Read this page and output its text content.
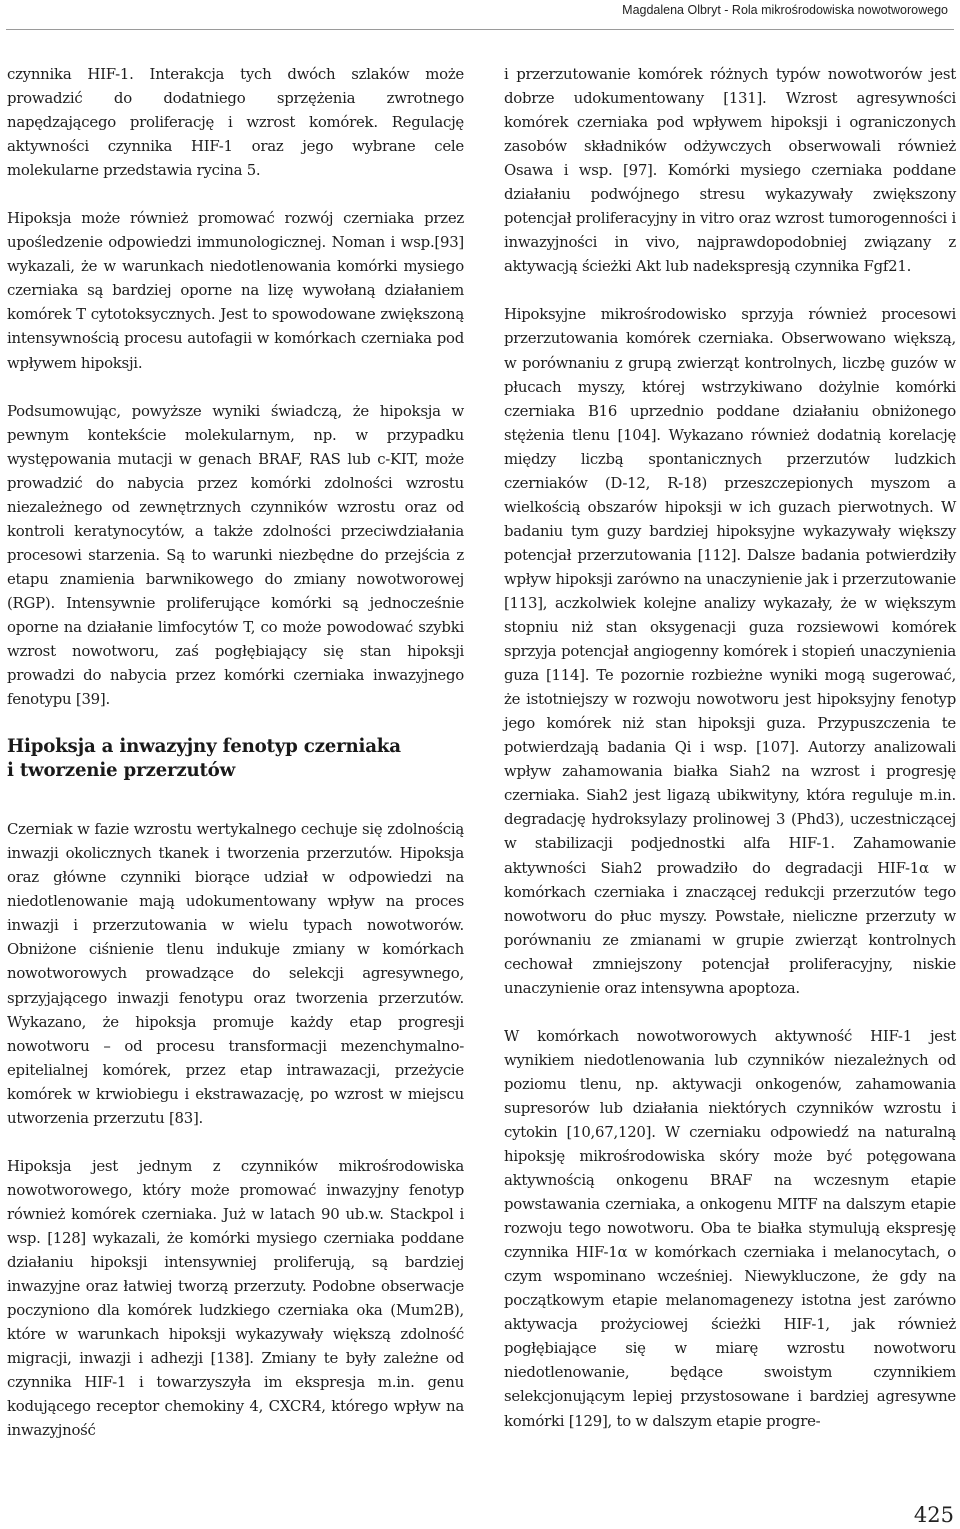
Magdalena Olbryt - Rola mikrośrodowiska nowotworowego

czynnika HIF-1. Interakcja tych dwóch szlaków może prowadzić do dodatniego sprzężenia zwrotnego napędzającego proliferację i wzrost komórek. Regulację aktywności czynnika HIF-1 oraz jego wybrane cele molekularne przedstawia rycina 5.

Hipoksja może również promować rozwój czerniaka przez upośledzenie odpowiedzi immunologicznej. Noman i wsp.[93] wykazali, że w warunkach niedotlenowania komórki mysiego czerniaka są bardziej oporne na lizę wywołaną działaniem komórek T cytotoksycznych. Jest to spowodowane zwiększoną intensywnością procesu autofagii w komórkach czerniaka pod wpływem hipoksji.

Podsumowując, powyższe wyniki świadczą, że hipoksja w pewnym kontekście molekularnym, np. w przypadku występowania mutacji w genach BRAF, RAS lub c-KIT, może prowadzić do nabycia przez komórki zdolności wzrostu niezależnego od zewnętrznych czynników wzrostu oraz od kontroli keratynocytów, a także zdolności przeciwdziałania procesowi starzenia. Są to warunki niezbędne do przejścia z etapu znamienia barwnikowego do zmiany nowotworowej (RGP). Intensywnie proliferujące komórki są jednocześnie oporne na działanie limfocytów T, co może powodować szybki wzrost nowotworu, zaś pogłębiający się stan hipoksji prowadzi do nabycia przez komórki czerniaka inwazyjnego fenotypu [39].

Hipoksja a inwazyjny fenotyp czerniaka
i tworzenie przerzutów

Czerniak w fazie wzrostu wertykalnego cechuje się zdolnością inwazji okolicznych tkanek i tworzenia przerzutów. Hipoksja oraz główne czynniki biorące udział w odpowiedzi na niedotlenowanie mają udokumentowany wpływ na proces inwazji i przerzutowania w wielu typach nowotworów. Obniżone ciśnienie tlenu indukuje zmiany w komórkach nowotworowych prowadzące do selekcji agresywnego, sprzyjającego inwazji fenotypu oraz tworzenia przerzutów. Wykazano, że hipoksja promuje każdy etap progresji nowotworu – od procesu transformacji mezenchymalno-epitelialnej komórek, przez etap intrawazacji, przeżycie komórek w krwiobiegu i ekstrawazację, po wzrost w miejscu utworzenia przerzutu [83].

Hipoksja jest jednym z czynników mikrośrodowiska nowotworowego, który może promować inwazyjny fenotyp również komórek czerniaka. Już w latach 90 ub.w. Stackpol i wsp. [128] wykazali, że komórki mysiego czerniaka poddane działaniu hipoksji intensywniej proliferują, są bardziej inwazyjne oraz łatwiej tworzą przerzuty. Podobne obserwacje poczyniono dla komórek ludzkiego czerniaka oka (Mum2B), które w warunkach hipoksji wykazywały większą zdolność migracji, inwazji i adhezji [138]. Zmiany te były zależne od czynnika HIF-1 i towarzyszyła im ekspresja m.in. genu kodującego receptor chemokiny 4, CXCR4, którego wpływ na inwazyjność

i przerzutowanie komórek różnych typów nowotworów jest dobrze udokumentowany [131]. Wzrost agresywności komórek czerniaka pod wpływem hipoksji i ograniczonych zasobów składników odżywczych obserwowali również Osawa i wsp. [97]. Komórki mysiego czerniaka poddane działaniu podwójnego stresu wykazywały zwiększony potencjał proliferacyjny in vitro oraz wzrost tumorogenności i inwazyjności in vivo, najprawdopodobniej związany z aktywacją ścieżki Akt lub nadekspresją czynnika Fgf21.

Hipoksyjne mikrośrodowisko sprzyja również procesowi przerzutowania komórek czerniaka. Obserwowano większą, w porównaniu z grupą zwierząt kontrolnych, liczbę guzów w płucach myszy, której wstrzykiwano dożylnie komórki czerniaka B16 uprzednio poddane działaniu obniżonego stężenia tlenu [104]. Wykazano również dodatnią korelację między liczbą spontanicznych przerzutów ludzkich czerniaków (D-12, R-18) przeszczepionych myszom a wielkością obszarów hipoksji w ich guzach pierwotnych. W badaniu tym guzy bardziej hipoksyjne wykazywały większy potencjał przerzutowania [112]. Dalsze badania potwierdziły wpływ hipoksji zarówno na unaczynienie jak i przerzutowanie [113], aczkolwiek kolejne analizy wykazały, że w większym stopniu niż stan oksygenacji guza rozsiewowi komórek sprzyja potencjał angiogenny komórek i stopień unaczynienia guza [114]. Te pozornie rozbieżne wyniki mogą sugerować, że istotniejszy w rozwoju nowotworu jest hipoksyjny fenotyp jego komórek niż stan hipoksji guza. Przypuszczenia te potwierdzają badania Qi i wsp. [107]. Autorzy analizowali wpływ zahamowania białka Siah2 na wzrost i progresję czerniaka. Siah2 jest ligazą ubikwityny, która reguluje m.in. degradację hydroksylazy prolinowej 3 (Phd3), uczestniczącej w stabilizacji podjednostki alfa HIF-1. Zahamowanie aktywności Siah2 prowadziło do degradacji HIF-1α w komórkach czerniaka i znaczącej redukcji przerzutów tego nowotworu do płuc myszy. Powstałe, nieliczne przerzuty w porównaniu ze zmianami w grupie zwierząt kontrolnych cechował zmniejszony potencjał proliferacyjny, niskie unaczynienie oraz intensywna apoptoza.

W komórkach nowotworowych aktywność HIF-1 jest wynikiem niedotlenowania lub czynników niezależnych od poziomu tlenu, np. aktywacji onkogenów, zahamowania supresorów lub działania niektórych czynników wzrostu i cytokin [10,67,120]. W czerniaku odpowiedź na naturalną hipoksję mikrośrodowiska skóry może być potęgowana aktywnością onkogenu BRAF na wczesnym etapie powstawania czerniaka, a onkogenu MITF na dalszym etapie rozwoju tego nowotworu. Oba te białka stymulują ekspresję czynnika HIF-1α w komórkach czerniaka i melanocytach, o czym wspominano wcześniej. Niewykluczone, że gdy na początkowym etapie melanomagenezy istotna jest zarówno aktywacja prożyciowej ścieżki HIF-1, jak również pogłębiające się w miarę wzrostu nowotworu niedotlenowanie, będące swoistym czynnikiem selekcjonującym lepiej przystosowane i bardziej agresywne komórki [129], to w dalszym etapie progre-

425
